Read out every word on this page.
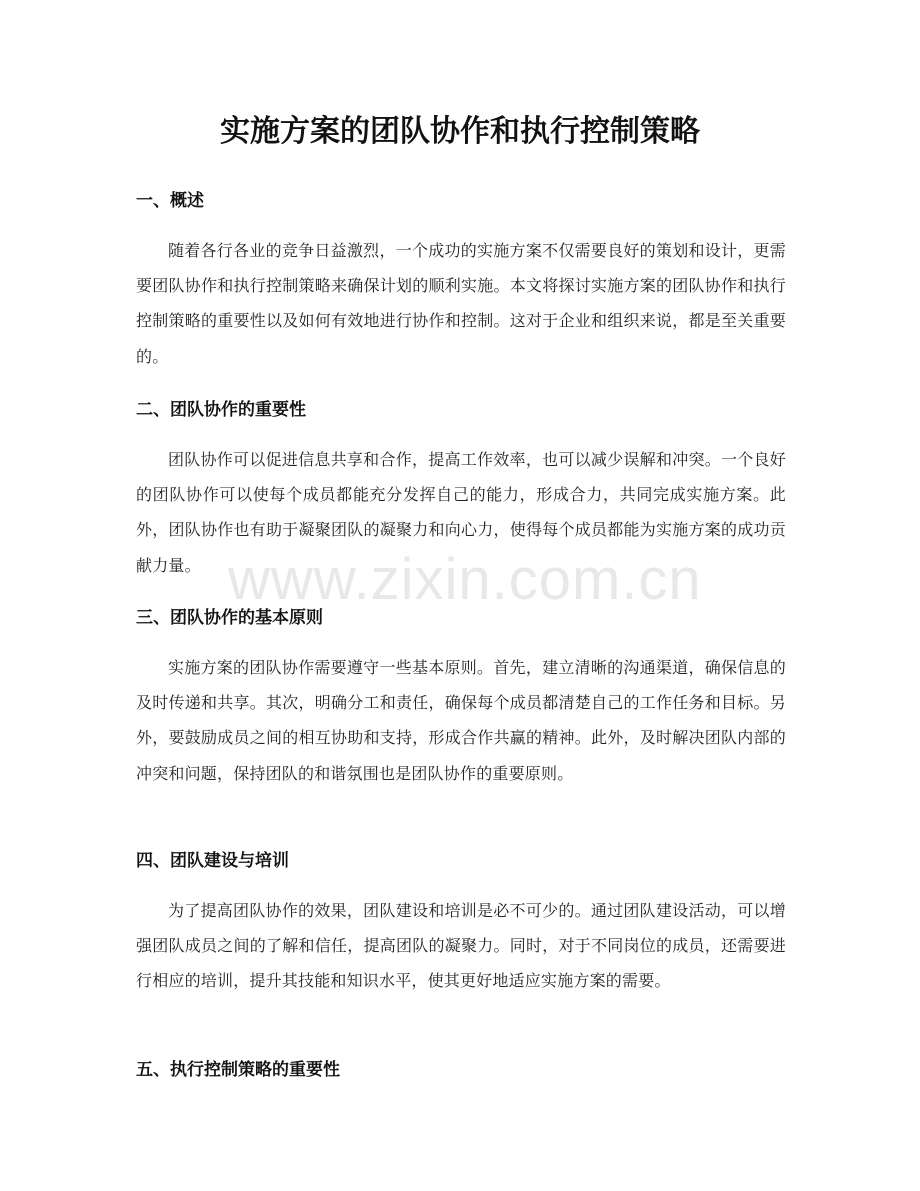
实施方案的团队协作和执行控制策略
一、概述
随着各行各业的竞争日益激烈，一个成功的实施方案不仅需要良好的策划和设计，更需要团队协作和执行控制策略来确保计划的顺利实施。本文将探讨实施方案的团队协作和执行控制策略的重要性以及如何有效地进行协作和控制。这对于企业和组织来说，都是至关重要的。
二、团队协作的重要性
团队协作可以促进信息共享和合作，提高工作效率，也可以减少误解和冲突。一个良好的团队协作可以使每个成员都能充分发挥自己的能力，形成合力，共同完成实施方案。此外，团队协作也有助于凝聚团队的凝聚力和向心力，使得每个成员都能为实施方案的成功贡献力量。
三、团队协作的基本原则
实施方案的团队协作需要遵守一些基本原则。首先，建立清晰的沟通渠道，确保信息的及时传递和共享。其次，明确分工和责任，确保每个成员都清楚自己的工作任务和目标。另外，要鼓励成员之间的相互协助和支持，形成合作共赢的精神。此外，及时解决团队内部的冲突和问题，保持团队的和谐氛围也是团队协作的重要原则。
四、团队建设与培训
为了提高团队协作的效果，团队建设和培训是必不可少的。通过团队建设活动，可以增强团队成员之间的了解和信任，提高团队的凝聚力。同时，对于不同岗位的成员，还需要进行相应的培训，提升其技能和知识水平，使其更好地适应实施方案的需要。
五、执行控制策略的重要性
www.zixin.com.cn
